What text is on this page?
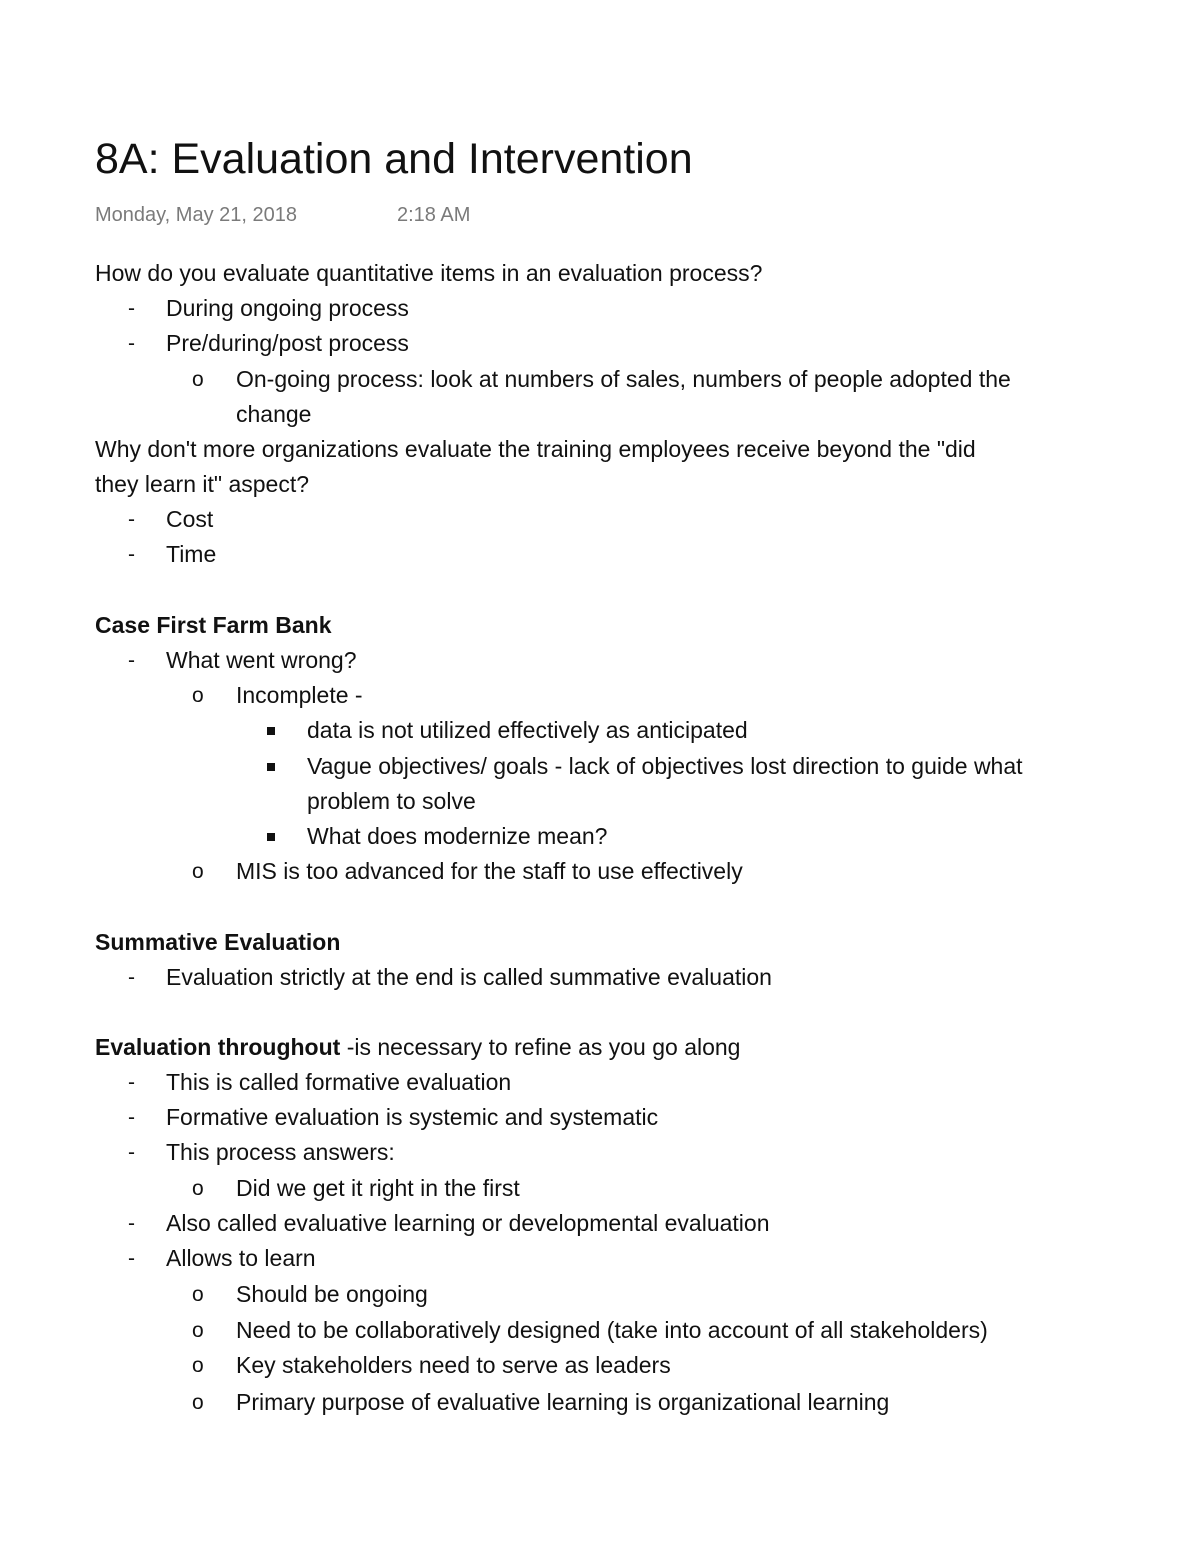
8A: Evaluation and Intervention
Monday, May 21, 2018	2:18 AM
How do you evaluate quantitative items in an evaluation process?
- During ongoing process
- Pre/during/post process
o On-going process: look at numbers of sales, numbers of people adopted the
change
Why don't more organizations evaluate the training employees receive beyond the "did
they learn it" aspect?
- Cost
- Time
Case First Farm Bank
- What went wrong?
o Incomplete -
data is not utilized effectively as anticipated
Vague objectives/ goals - lack of objectives lost direction to guide what
problem to solve
What does modernize mean?
o MIS is too advanced for the staff to use effectively
Summative Evaluation
- Evaluation strictly at the end is called summative evaluation
Evaluation throughout -is necessary to refine as you go along
- This is called formative evaluation
- Formative evaluation is systemic and systematic
- This process answers:
o Did we get it right in the first
- Also called evaluative learning or developmental evaluation
- Allows to learn
o Should be ongoing
o Need to be collaboratively designed (take into account of all stakeholders)
o Key stakeholders need to serve as leaders
o Primary purpose of evaluative learning is organizational learning
